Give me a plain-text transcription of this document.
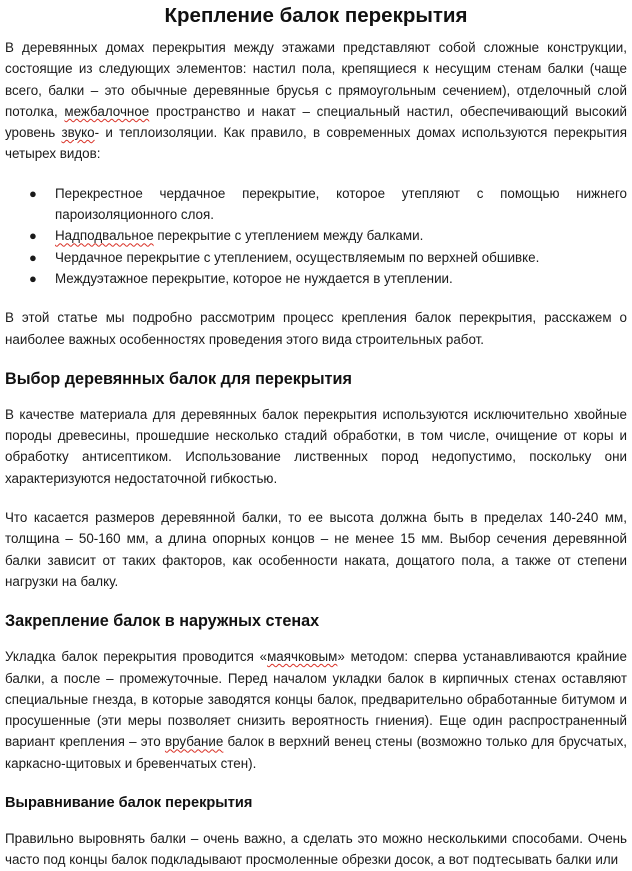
Крепление балок перекрытия

В деревянных домах перекрытия между этажами представляют собой сложные конструкции, состоящие из следующих элементов: настил пола, крепящиеся к несущим стенам балки (чаще всего, балки – это обычные деревянные брусья с прямоугольным сечением), отделочный слой потолка, межбалочное пространство и накат – специальный настил, обеспечивающий высокий уровень звуко- и теплоизоляции. Как правило, в современных домах используются перекрытия четырех видов:

● Перекрестное чердачное перекрытие, которое утепляют с помощью нижнего пароизоляционного слоя.
● Надподвальное перекрытие с утеплением между балками.
● Чердачное перекрытие с утеплением, осуществляемым по верхней обшивке.
● Междуэтажное перекрытие, которое не нуждается в утеплении.

В этой статье мы подробно рассмотрим процесс крепления балок перекрытия, расскажем о наиболее важных особенностях проведения этого вида строительных работ.

Выбор деревянных балок для перекрытия

В качестве материала для деревянных балок перекрытия используются исключительно хвойные породы древесины, прошедшие несколько стадий обработки, в том числе, очищение от коры и обработку антисептиком. Использование лиственных пород недопустимо, поскольку они характеризуются недостаточной гибкостью.

Что касается размеров деревянной балки, то ее высота должна быть в пределах 140-240 мм, толщина – 50-160 мм, а длина опорных концов – не менее 15 мм. Выбор сечения деревянной балки зависит от таких факторов, как особенности наката, дощатого пола, а также от степени нагрузки на балку.

Закрепление балок в наружных стенах

Укладка балок перекрытия проводится «маячковым» методом: сперва устанавливаются крайние балки, а после – промежуточные. Перед началом укладки балок в кирпичных стенах оставляют специальные гнезда, в которые заводятся концы балок, предварительно обработанные битумом и просушенные (эти меры позволяет снизить вероятность гниения). Еще один распространенный вариант крепления – это врубание балок в верхний венец стены (возможно только для брусчатых, каркасно-щитовых и бревенчатых стен).

Выравнивание балок перекрытия

Правильно выровнять балки – очень важно, а сделать это можно несколькими способами. Очень часто под концы балок подкладывают просмоленные обрезки досок, а вот подтесывать балки или
